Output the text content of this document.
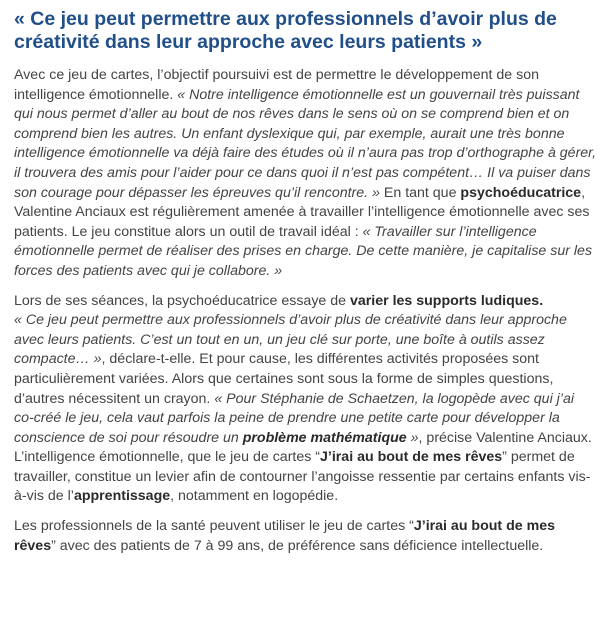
« Ce jeu peut permettre aux professionnels d’avoir plus de créativité dans leur approche avec leurs patients »

Avec ce jeu de cartes, l’objectif poursuivi est de permettre le développement de son intelligence émotionnelle. « Notre intelligence émotionnelle est un gouvernail très puissant qui nous permet d’aller au bout de nos rêves dans le sens où on se comprend bien et on comprend bien les autres. Un enfant dyslexique qui, par exemple, aurait une très bonne intelligence émotionnelle va déjà faire des études où il n’aura pas trop d’orthographe à gérer, il trouvera des amis pour l’aider pour ce dans quoi il n’est pas compétent… Il va puiser dans son courage pour dépasser les épreuves qu’il rencontre. » En tant que psychoéducatrice, Valentine Anciaux est régulièrement amenée à travailler l’intelligence émotionnelle avec ses patients. Le jeu constitue alors un outil de travail idéal : « Travailler sur l’intelligence émotionnelle permet de réaliser des prises en charge. De cette manière, je capitalise sur les forces des patients avec qui je collabore. »

Lors de ses séances, la psychoéducatrice essaye de varier les supports ludiques.
« Ce jeu peut permettre aux professionnels d’avoir plus de créativité dans leur approche avec leurs patients. C’est un tout en un, un jeu clé sur porte, une boîte à outils assez compacte… », déclare-t-elle. Et pour cause, les différentes activités proposées sont particulièrement variées. Alors que certaines sont sous la forme de simples questions, d’autres nécessitent un crayon. « Pour Stéphanie de Schaetzen, la logopède avec qui j’ai co-créé le jeu, cela vaut parfois la peine de prendre une petite carte pour développer la conscience de soi pour résoudre un problème mathématique », précise Valentine Anciaux. L’intelligence émotionnelle, que le jeu de cartes “J’irai au bout de mes rêves” permet de travailler, constitue un levier afin de contourner l’angoisse ressentie par certains enfants vis-à-vis de l’apprentissage, notamment en logopédie.

Les professionnels de la santé peuvent utiliser le jeu de cartes “J’irai au bout de mes rêves” avec des patients de 7 à 99 ans, de préférence sans déficience intellectuelle.
